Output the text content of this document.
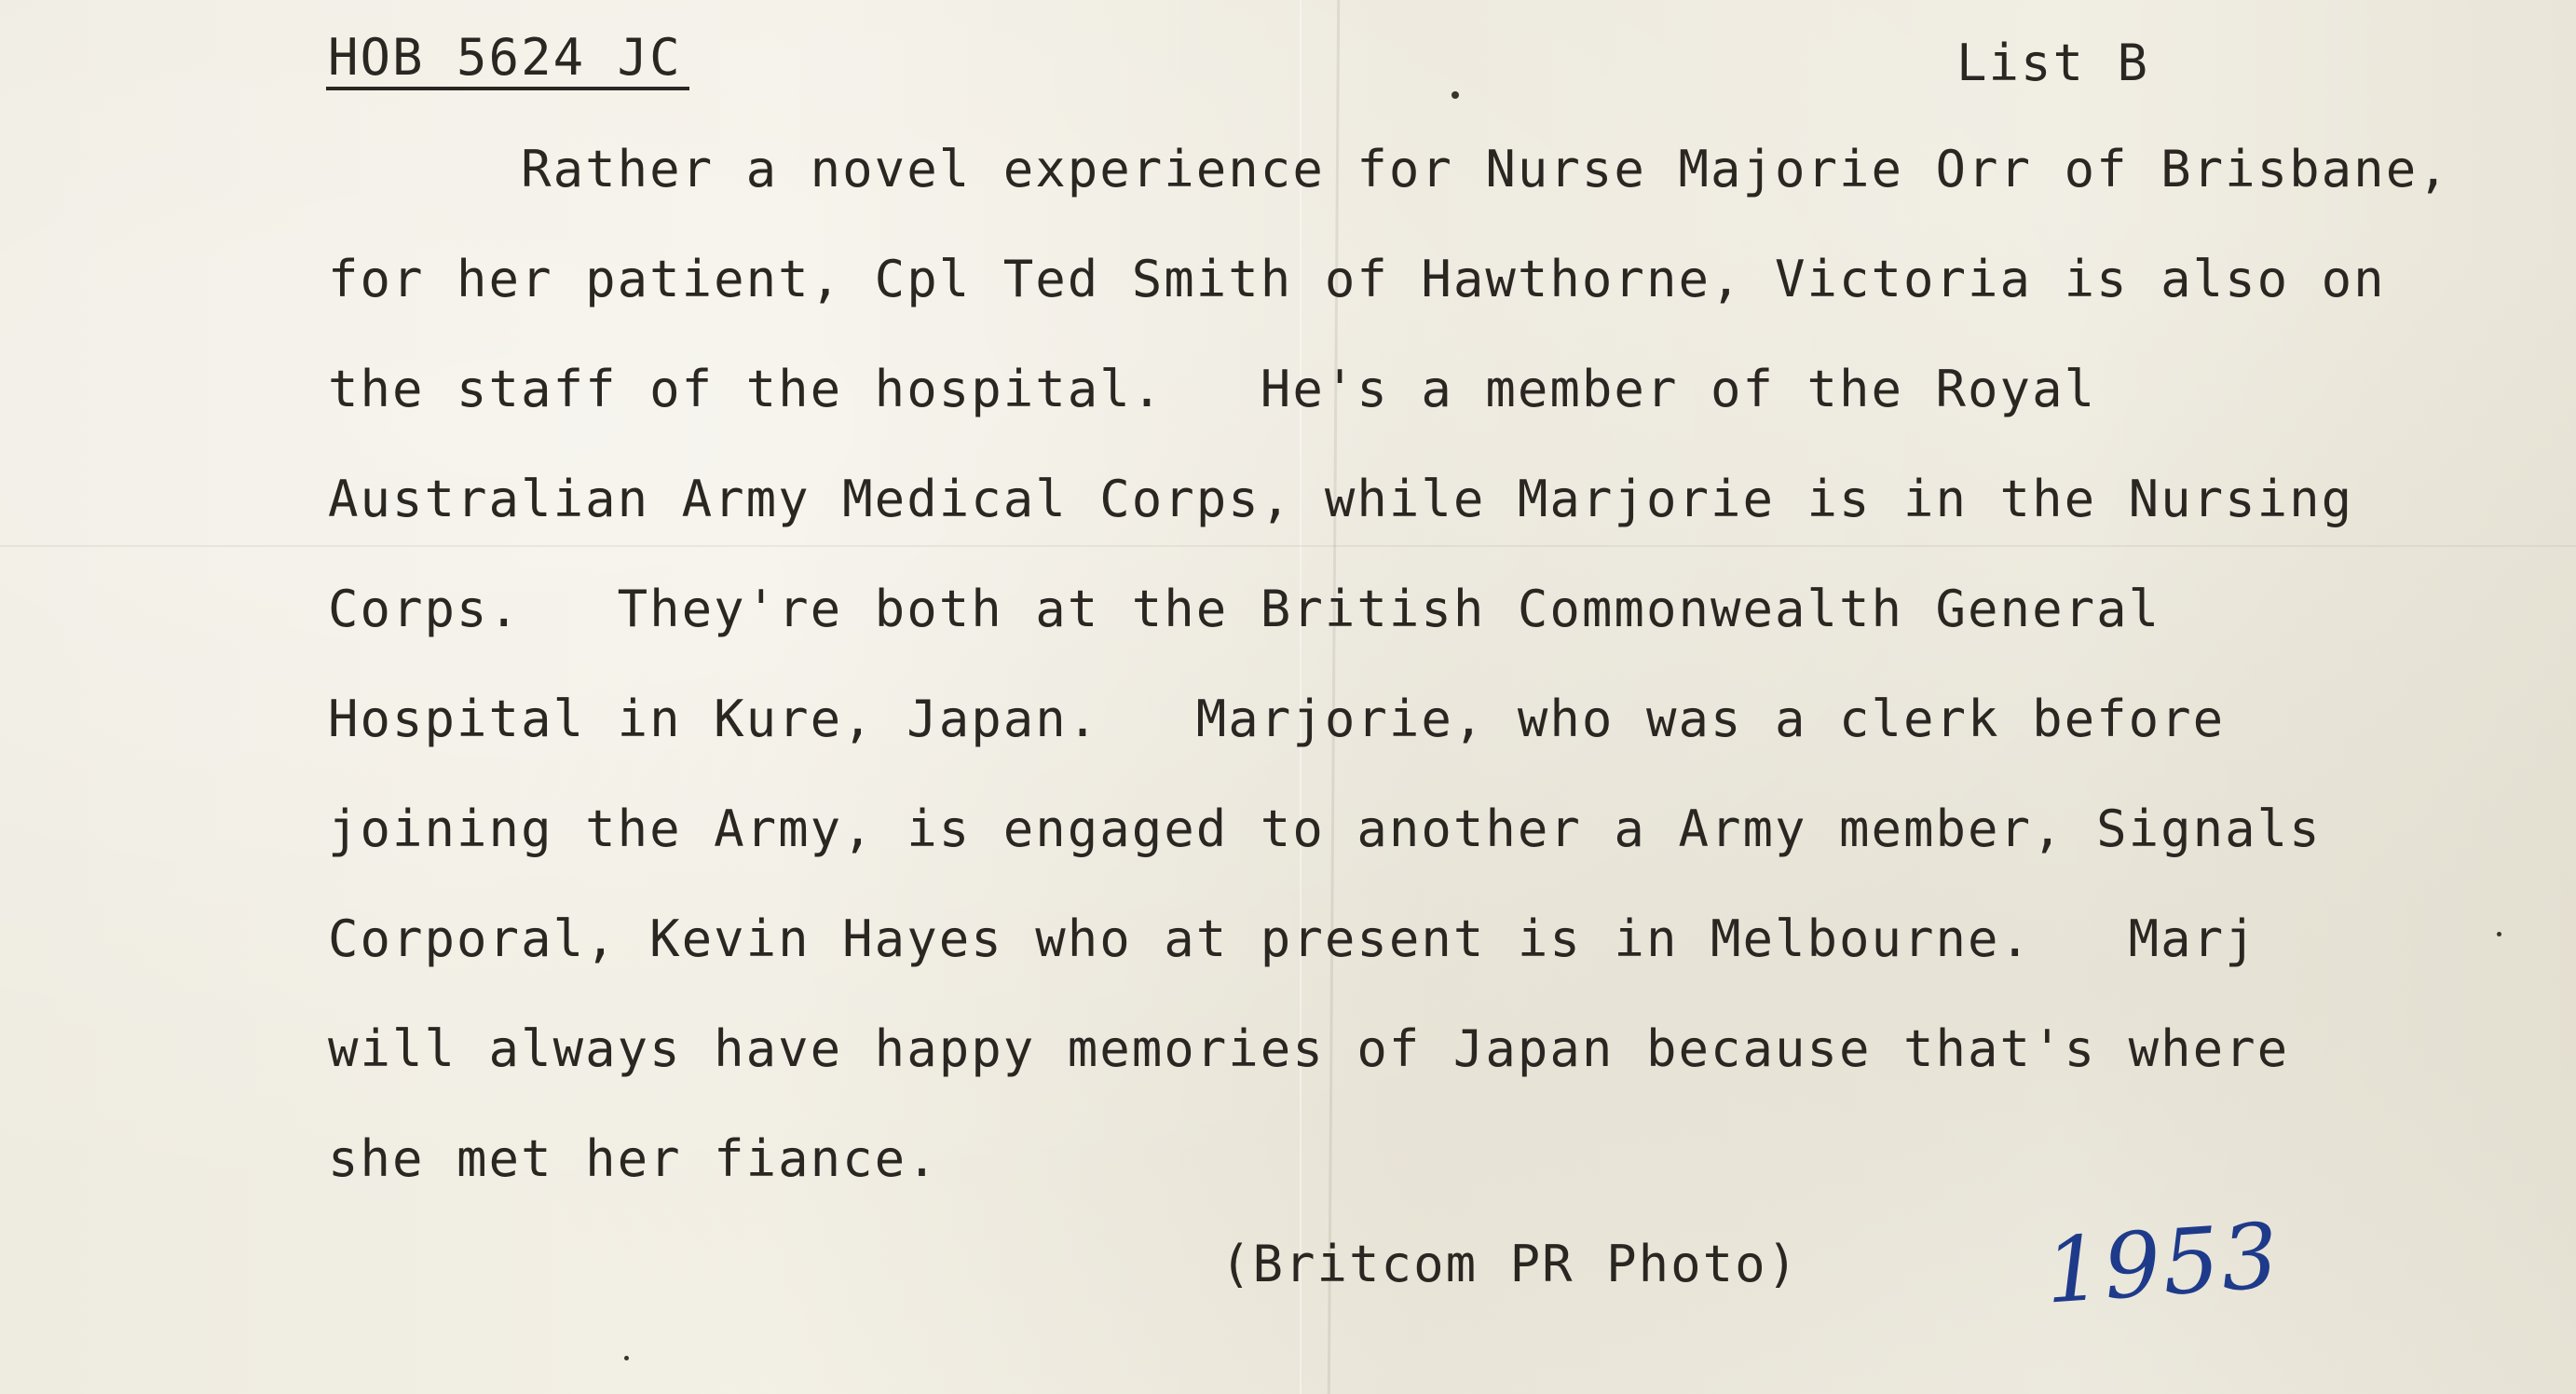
HOB 5624 JC	List B
Rather a novel experience for Nurse Majorie Orr of Brisbane,
for her patient, Cpl Ted Smith of Hawthorne, Victoria is also on
the staff of the hospital.   He's a member of the Royal
Australian Army Medical Corps, while Marjorie is in the Nursing
Corps.   They're both at the British Commonwealth General
Hospital in Kure, Japan.   Marjorie, who was a clerk before
joining the Army, is engaged to another a Army member, Signals
Corporal, Kevin Hayes who at present is in Melbourne.   Marj
will always have happy memories of Japan because that's where
she met her fiance.
(Britcom PR Photo)	1953
